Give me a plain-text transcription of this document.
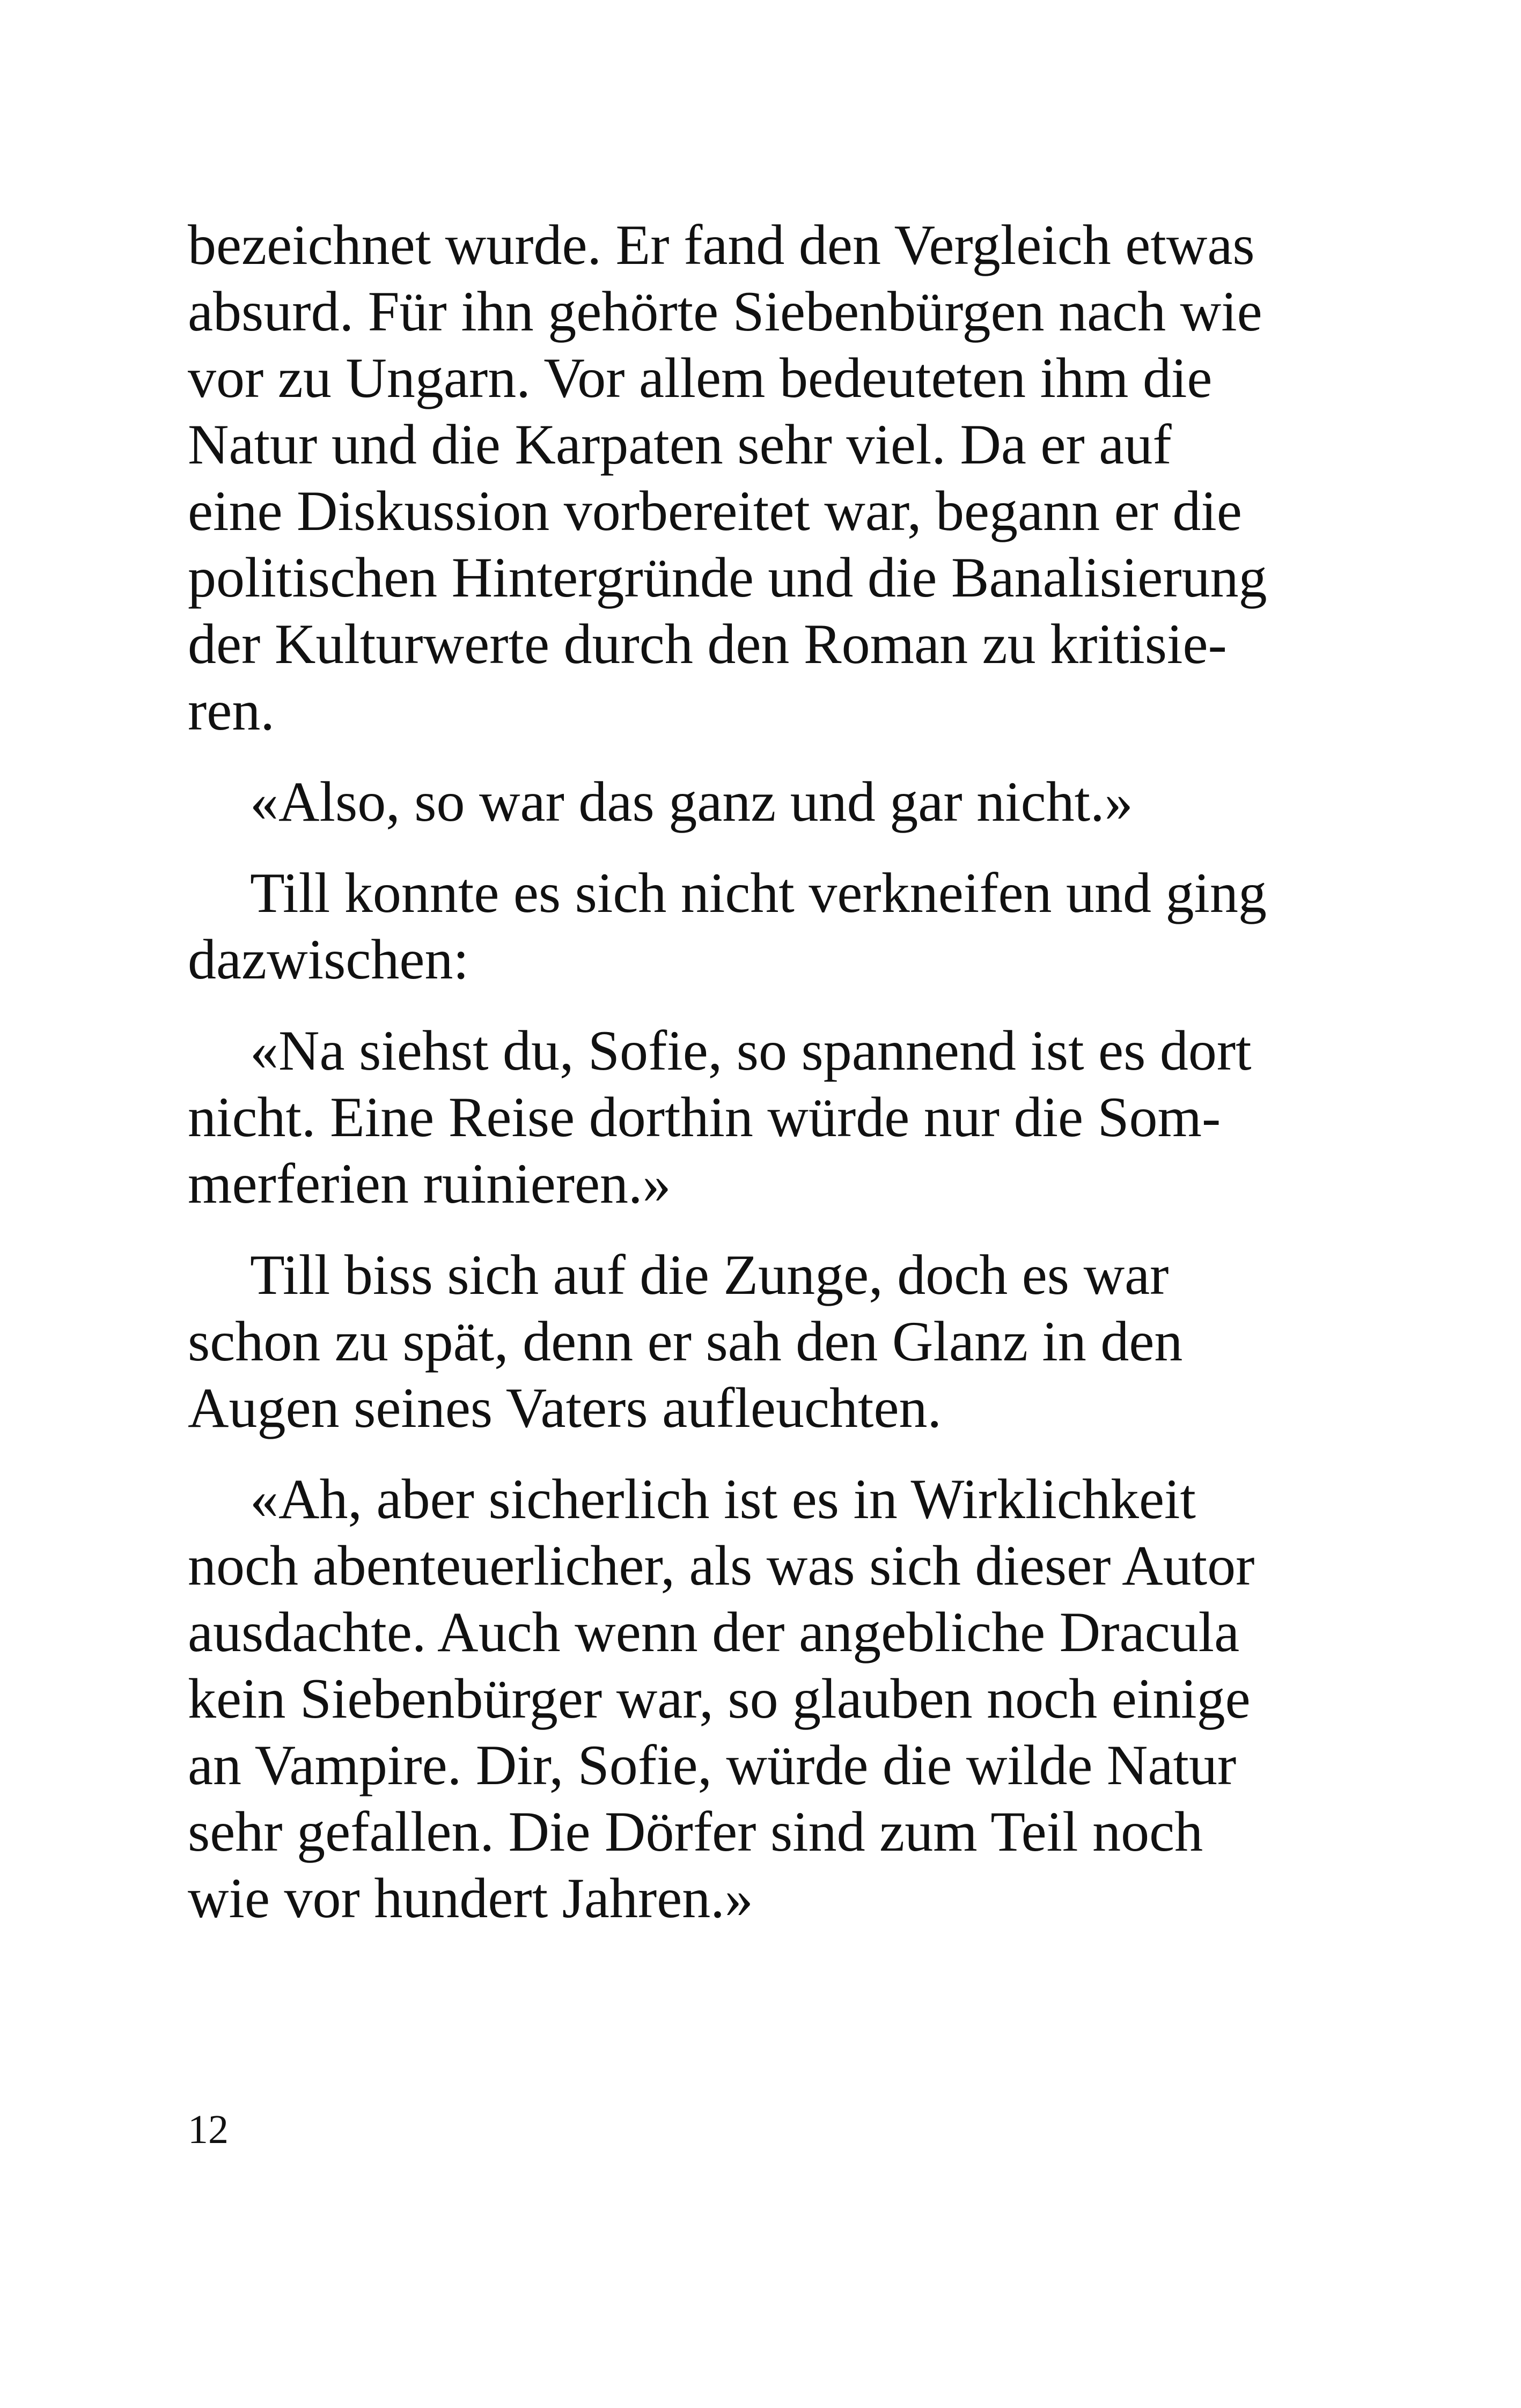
bezeichnet wurde. Er fand den Vergleich etwas
absurd. Für ihn gehörte Siebenbürgen nach wie
vor zu Ungarn. Vor allem bedeuteten ihm die
Natur und die Karpaten sehr viel. Da er auf
eine Diskussion vorbereitet war, begann er die
politischen Hintergründe und die Banalisierung
der Kulturwerte durch den Roman zu kritisie-
ren.

«Also, so war das ganz und gar nicht.»

Till konnte es sich nicht verkneifen und ging
dazwischen:

«Na siehst du, Sofie, so spannend ist es dort
nicht. Eine Reise dorthin würde nur die Som-
merferien ruinieren.»

Till biss sich auf die Zunge, doch es war
schon zu spät, denn er sah den Glanz in den
Augen seines Vaters aufleuchten.

«Ah, aber sicherlich ist es in Wirklichkeit
noch abenteuerlicher, als was sich dieser Autor
ausdachte. Auch wenn der angebliche Dracula
kein Siebenbürger war, so glauben noch einige
an Vampire. Dir, Sofie, würde die wilde Natur
sehr gefallen. Die Dörfer sind zum Teil noch
wie vor hundert Jahren.»

12
